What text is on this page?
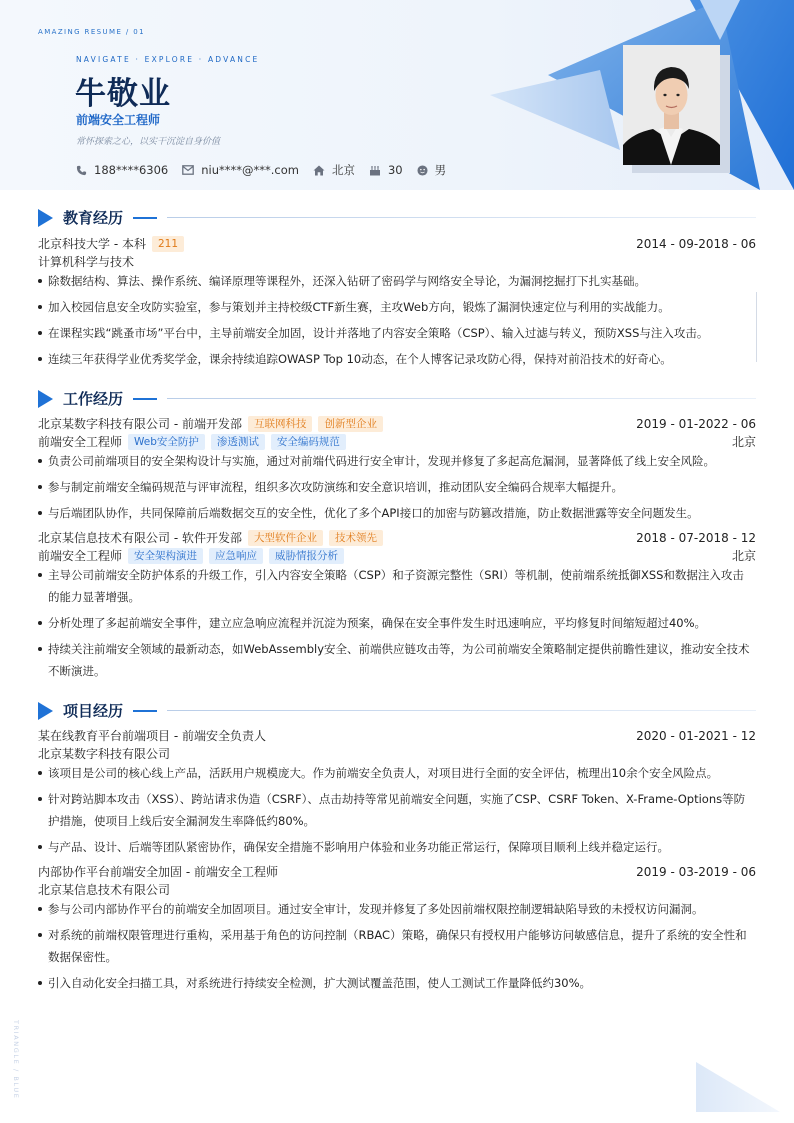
AMAZING RESUME / 01
NAVIGATE · EXPLORE · ADVANCE
牛敬业
前端安全工程师
常怀探索之心，以实干沉淀自身价值
188****6306	niu****@***.com	北京	30	男
教育经历
北京科技大学 - 本科	211	2014 - 09-2018 - 06
计算机科学与技术
除数据结构、算法、操作系统、编译原理等课程外，还深入钻研了密码学与网络安全导论，为漏洞挖掘打下扎实基础。
加入校园信息安全攻防实验室，参与策划并主持校级CTF新生赛，主攻Web方向，锻炼了漏洞快速定位与利用的实战能力。
在课程实践“跳蚤市场”平台中，主导前端安全加固，设计并落地了内容安全策略（CSP）、输入过滤与转义，预防XSS与注入攻击。
连续三年获得学业优秀奖学金，课余持续追踪OWASP Top 10动态，在个人博客记录攻防心得，保持对前沿技术的好奇心。
工作经历
北京某数字科技有限公司 - 前端开发部	互联网科技	创新型企业	2019 - 01-2022 - 06
前端安全工程师	Web安全防护	渗透测试	安全编码规范	北京
负责公司前端项目的安全架构设计与实施，通过对前端代码进行安全审计，发现并修复了多起高危漏洞，显著降低了线上安全风险。
参与制定前端安全编码规范与评审流程，组织多次攻防演练和安全意识培训，推动团队安全编码合规率大幅提升。
与后端团队协作，共同保障前后端数据交互的安全性，优化了多个API接口的加密与防篡改措施，防止数据泄露等安全问题发生。
北京某信息技术有限公司 - 软件开发部	大型软件企业	技术领先	2018 - 07-2018 - 12
前端安全工程师	安全架构演进	应急响应	威胁情报分析	北京
主导公司前端安全防护体系的升级工作，引入内容安全策略（CSP）和子资源完整性（SRI）等机制，使前端系统抵御XSS和数据注入攻击的能力显著增强。
分析处理了多起前端安全事件，建立应急响应流程并沉淀为预案，确保在安全事件发生时迅速响应，平均修复时间缩短超过40%。
持续关注前端安全领域的最新动态，如WebAssembly安全、前端供应链攻击等，为公司前端安全策略制定提供前瞻性建议，推动安全技术不断演进。
项目经历
某在线教育平台前端项目 - 前端安全负责人	2020 - 01-2021 - 12
北京某数字科技有限公司
该项目是公司的核心线上产品，活跃用户规模庞大。作为前端安全负责人，对项目进行全面的安全评估，梳理出10余个安全风险点。
针对跨站脚本攻击（XSS）、跨站请求伪造（CSRF）、点击劫持等常见前端安全问题，实施了CSP、CSRF Token、X-Frame-Options等防护措施，使项目上线后安全漏洞发生率降低约80%。
与产品、设计、后端等团队紧密协作，确保安全措施不影响用户体验和业务功能正常运行，保障项目顺利上线并稳定运行。
内部协作平台前端安全加固 - 前端安全工程师	2019 - 03-2019 - 06
北京某信息技术有限公司
参与公司内部协作平台的前端安全加固项目。通过安全审计，发现并修复了多处因前端权限控制逻辑缺陷导致的未授权访问漏洞。
对系统的前端权限管理进行重构，采用基于角色的访问控制（RBAC）策略，确保只有授权用户能够访问敏感信息，提升了系统的安全性和数据保密性。
引入自动化安全扫描工具，对系统进行持续安全检测，扩大测试覆盖范围，使人工测试工作量降低约30%。
TRIANGLE / BLUE
